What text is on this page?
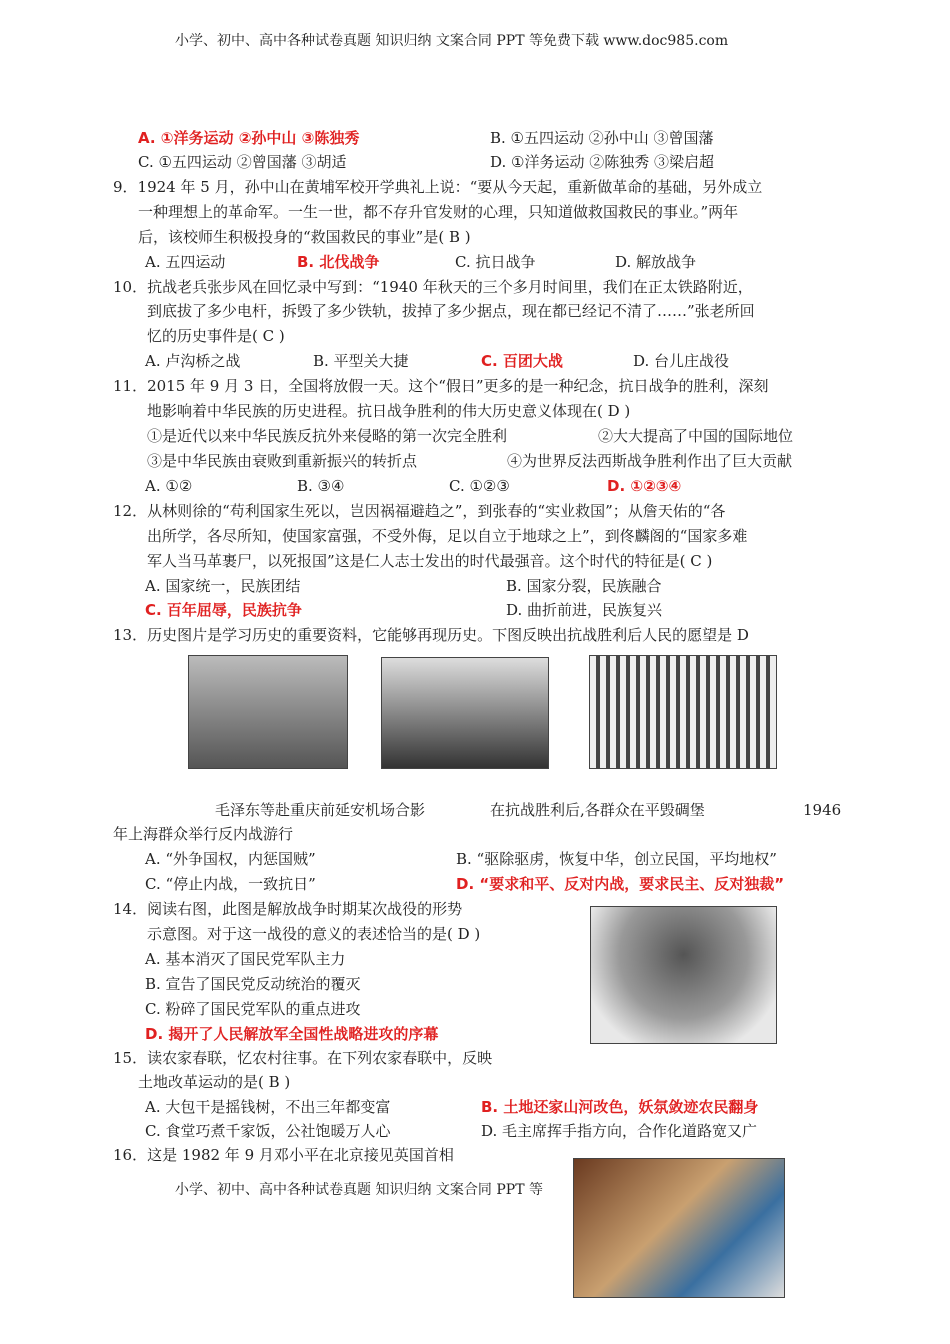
小学、初中、高中各种试卷真题 知识归纳 文案合同 PPT 等免费下载 www.doc985.com
A. ①洋务运动 ②孙中山 ③陈独秀	B. ①五四运动 ②孙中山 ③曾国藩
C. ①五四运动 ②曾国藩 ③胡适	D. ①洋务运动 ②陈独秀 ③梁启超
9．1924 年 5 月，孙中山在黄埔军校开学典礼上说：“要从今天起，重新做革命的基础，另外成立
一种理想上的革命军。一生一世，都不存升官发财的心理，只知道做救国救民的事业。”两年
后，该校师生积极投身的“救国救民的事业”是( B )
A. 五四运动	B. 北伐战争	C. 抗日战争	D. 解放战争
10．抗战老兵张步风在回忆录中写到：“1940 年秋天的三个多月时间里，我们在正太铁路附近，
到底拔了多少电杆，拆毁了多少铁轨，拔掉了多少据点，现在都已经记不清了……”张老所回
忆的历史事件是( C )
A. 卢沟桥之战	B. 平型关大捷	C. 百团大战	D. 台儿庄战役
11．2015 年 9 月 3 日，全国将放假一天。这个“假日”更多的是一种纪念，抗日战争的胜利，深刻
地影响着中华民族的历史进程。抗日战争胜利的伟大历史意义体现在( D )
①是近代以来中华民族反抗外来侵略的第一次完全胜利	②大大提高了中国的国际地位
③是中华民族由衰败到重新振兴的转折点	④为世界反法西斯战争胜利作出了巨大贡献
A. ①②	B. ③④	C. ①②③	D. ①②③④
12．从林则徐的“苟利国家生死以，岂因祸福避趋之”，到张春的“实业救国”；从詹天佑的“各
出所学，各尽所知，使国家富强，不受外侮，足以自立于地球之上”，到佟麟阁的“国家多难
军人当马革裹尸，以死报国”这是仁人志士发出的时代最强音。这个时代的特征是( C )
A. 国家统一，民族团结	B. 国家分裂，民族融合
C. 百年屈辱，民族抗争	D. 曲折前进，民族复兴
13．历史图片是学习历史的重要资料，它能够再现历史。下图反映出抗战胜利后人民的愿望是 D
毛泽东等赴重庆前延安机场合影	在抗战胜利后,各群众在平毁碉堡	1946
年上海群众举行反内战游行
A. “外争国权，内惩国贼”	B. “驱除驱虏，恢复中华，创立民国，平均地权”
C. “停止内战，一致抗日”	D. “要求和平、反对内战，要求民主、反对独裁”
14．阅读右图，此图是解放战争时期某次战役的形势
示意图。对于这一战役的意义的表述恰当的是( D )
A. 基本消灭了国民党军队主力
B. 宣告了国民党反动统治的覆灭
C. 粉碎了国民党军队的重点进攻
D. 揭开了人民解放军全国性战略进攻的序幕
15．读农家春联，忆农村往事。在下列农家春联中，反映
土地改革运动的是( B )
A. 大包干是摇钱树，不出三年都变富	B. 土地还家山河改色，妖氛敛迹农民翻身
C. 食堂巧煮千家饭，公社饱暖万人心	D. 毛主席挥手指方向，合作化道路宽又广
16．这是 1982 年 9 月邓小平在北京接见英国首相
小学、初中、高中各种试卷真题 知识归纳 文案合同 PPT 等
